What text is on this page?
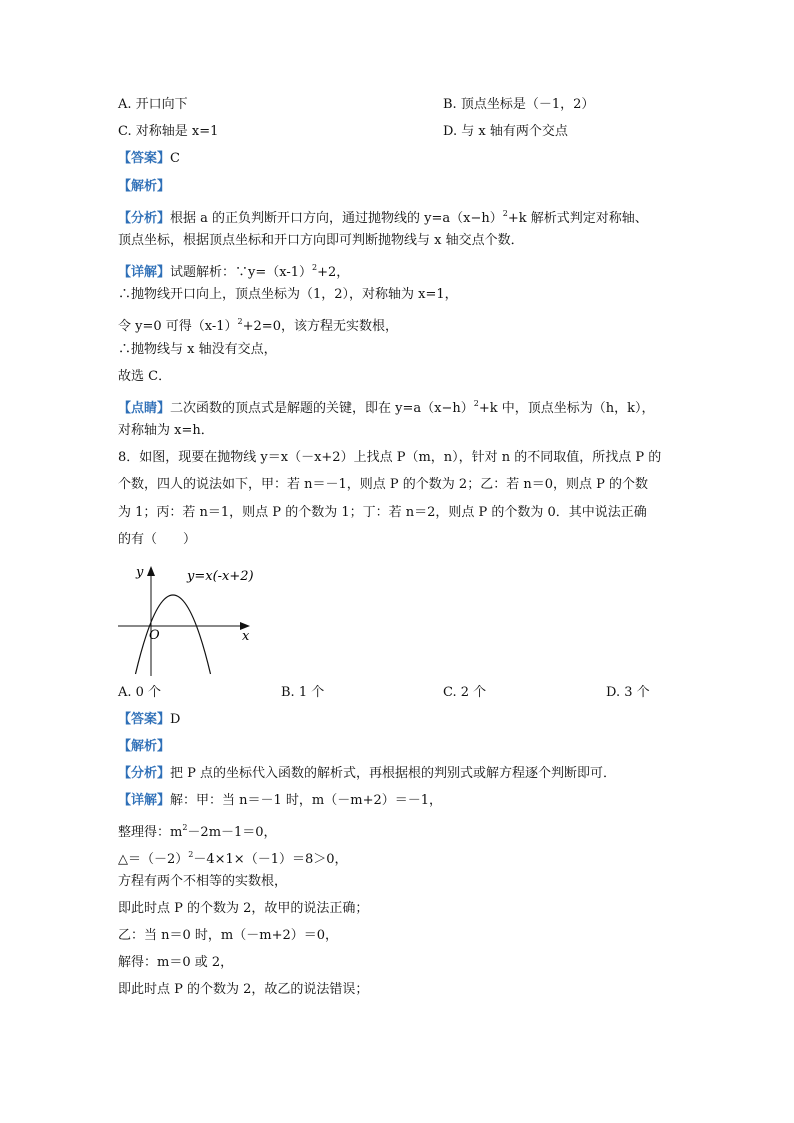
A. 开口向下	B. 顶点坐标是（－1，2）
C. 对称轴是 x=1	D. 与 x 轴有两个交点
【答案】C
【解析】
【分析】根据 a 的正负判断开口方向，通过抛物线的 $y=a(x-h)^2+k$ 解析式判定对称轴、
顶点坐标，根据顶点坐标和开口方向即可判断抛物线与 x 轴交点个数．
【详解】试题解析：$\because y=(x-1)^2+2$，
∴抛物线开口向上，顶点坐标为（1，2），对称轴为 x=1，
令 y=0 可得$(x-1)^2+2=0$，该方程无实数根，
∴抛物线与 x 轴没有交点，
故选 C．
【点睛】二次函数的顶点式是解题的关键，即在 $y=a(x-h)^2+k$ 中，顶点坐标为（h，k），
对称轴为 x=h．
8．如图，现要在抛物线 y＝x（－x+2）上找点 P（m，n），针对 n 的不同取值，所找点 P 的
个数，四人的说法如下，甲：若 n＝－1，则点 P 的个数为 2；乙：若 n＝0，则点 P 的个数
为 1；丙：若 n＝1，则点 P 的个数为 1；丁：若 n＝2，则点 P 的个数为 0．其中说法正确
的有（　　）
y
x
O
y=x(-x+2)
A. 0 个	B. 1 个	C. 2 个	D. 3 个
【答案】D
【解析】
【分析】把 P 点的坐标代入函数的解析式，再根据根的判别式或解方程逐个判断即可．
【详解】解：甲：当 n＝－1 时，m（－m+2）＝－1，
整理得：$m^2-2m-1=0$，
$\triangle=(-2)^2-4\times 1\times(-1)=8>0$，
方程有两个不相等的实数根，
即此时点 P 的个数为 2，故甲的说法正确；
乙：当 n＝0 时，m（－m+2）＝0，
解得：m＝0 或 2，
即此时点 P 的个数为 2，故乙的说法错误；
